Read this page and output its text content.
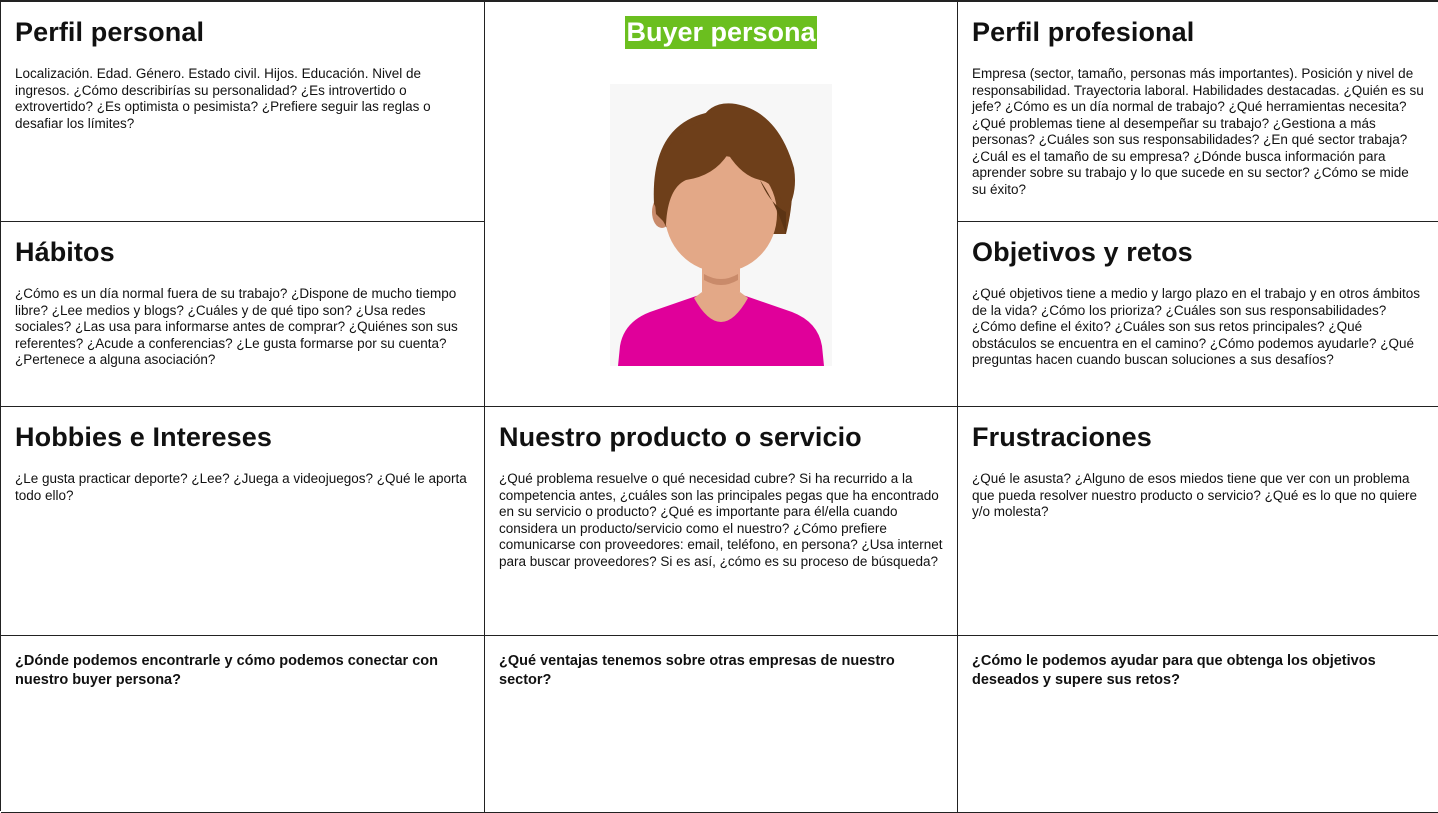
Perfil personal

Localización. Edad. Género. Estado civil. Hijos. Educación. Nivel de ingresos. ¿Cómo describirías su personalidad? ¿Es introvertido o extrovertido? ¿Es optimista o pesimista? ¿Prefiere seguir las reglas o desafiar los límites?

Buyer persona	Perfil profesional

Empresa (sector, tamaño, personas más importantes). Posición y nivel de responsabilidad. Trayectoria laboral. Habilidades destacadas. ¿Quién es su jefe? ¿Cómo es un día normal de trabajo? ¿Qué herramientas necesita? ¿Qué problemas tiene al desempeñar su trabajo? ¿Gestiona a más personas? ¿Cuáles son sus responsabilidades? ¿En qué sector trabaja? ¿Cuál es el tamaño de su empresa? ¿Dónde busca información para aprender sobre su trabajo y lo que sucede en su sector? ¿Cómo se mide su éxito?

Hábitos

¿Cómo es un día normal fuera de su trabajo? ¿Dispone de mucho tiempo libre? ¿Lee medios y blogs? ¿Cuáles y de qué tipo son? ¿Usa redes sociales? ¿Las usa para informarse antes de comprar? ¿Quiénes son sus referentes? ¿Acude a conferencias? ¿Le gusta formarse por su cuenta? ¿Pertenece a alguna asociación?

Objetivos y retos

¿Qué objetivos tiene a medio y largo plazo en el trabajo y en otros ámbitos de la vida? ¿Cómo los prioriza? ¿Cuáles son sus responsabilidades? ¿Cómo define el éxito? ¿Cuáles son sus retos principales? ¿Qué obstáculos se encuentra en el camino? ¿Cómo podemos ayudarle? ¿Qué preguntas hacen cuando buscan soluciones a sus desafíos?

Hobbies e Intereses

¿Le gusta practicar deporte? ¿Lee? ¿Juega a videojuegos? ¿Qué le aporta todo ello?

Nuestro producto o servicio

¿Qué problema resuelve o qué necesidad cubre? Si ha recurrido a la competencia antes, ¿cuáles son las principales pegas que ha encontrado en su servicio o producto? ¿Qué es importante para él/ella cuando considera un producto/servicio como el nuestro? ¿Cómo prefiere comunicarse con proveedores: email, teléfono, en persona? ¿Usa internet para buscar proveedores? Si es así, ¿cómo es su proceso de búsqueda?

Frustraciones

¿Qué le asusta? ¿Alguno de esos miedos tiene que ver con un problema que pueda resolver nuestro producto o servicio? ¿Qué es lo que no quiere y/o molesta?

¿Dónde podemos encontrarle y cómo podemos conectar con nuestro buyer persona?

¿Qué ventajas tenemos sobre otras empresas de nuestro sector?

¿Cómo le podemos ayudar para que obtenga los objetivos deseados y supere sus retos?
